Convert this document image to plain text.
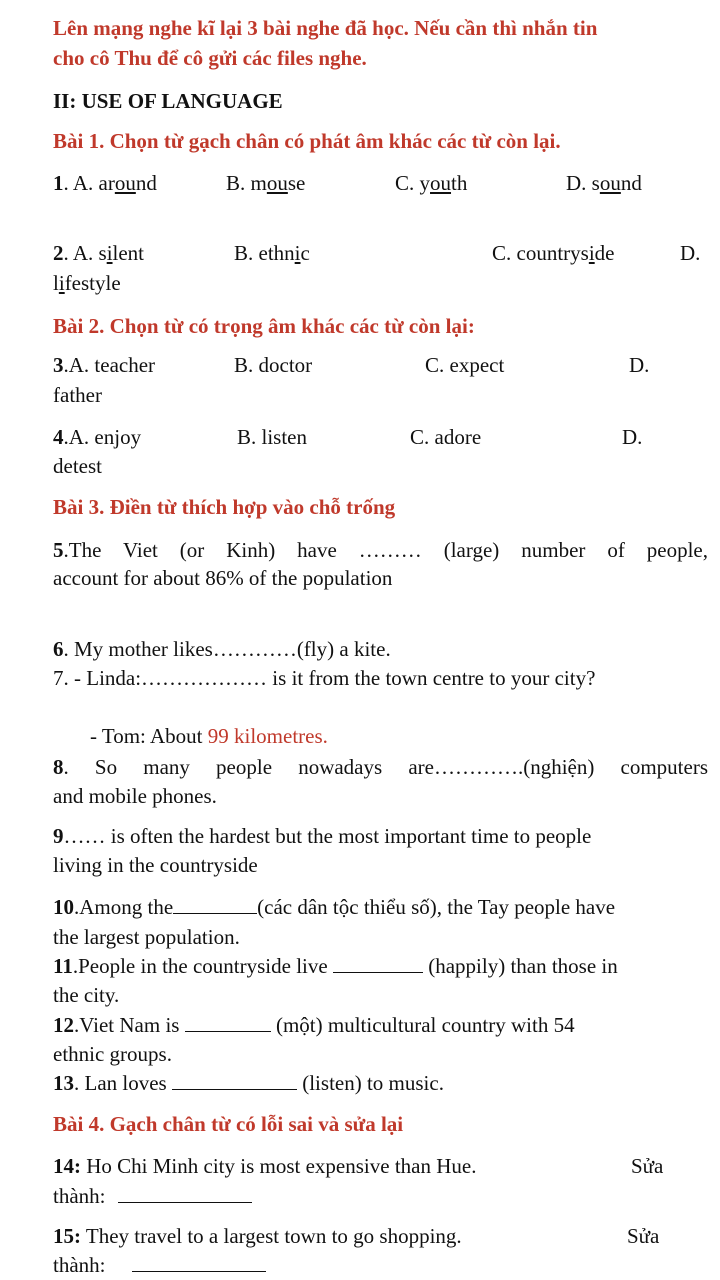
Lên mạng nghe kĩ lại 3 bài nghe đã học. Nếu cần thì nhắn tin
cho cô Thu để cô gửi các files nghe.
II: USE OF LANGUAGE
Bài 1. Chọn từ gạch chân có phát âm khác các từ còn lại.
1. A. around	B. mouse	C. youth	D. sound
2. A. silent	B. ethnic	C. countryside	D.
lifestyle
Bài 2. Chọn từ có trọng âm khác các từ còn lại:
3.A. teacher	B. doctor	C. expect	D.
father
4.A. enjoy	B. listen	C. adore	D.
detest
Bài 3. Điền từ thích hợp vào chỗ trống
5.The Viet (or Kinh) have ……… (large) number of people,
account for about 86% of the population
6. My mother likes…………(fly) a kite.
7. - Linda:……………… is it from the town centre to your city?
- Tom: About 99 kilometres.
8. So many people nowadays are………….(nghiện) computers
and mobile phones.
9…… is often the hardest but the most important time to people
living in the countryside
10.Among the	(các dân tộc thiểu số), the Tay people have
the largest population.
11.People in the countryside live	(happily) than those in
the city.
12.Viet Nam is	(một) multicultural country with 54
ethnic groups.
13. Lan loves	(listen) to music.
Bài 4. Gạch chân từ có lỗi sai và sửa lại
14: Ho Chi Minh city is most expensive than Hue.	Sửa
thành:
15: They travel to a largest town to go shopping.	Sửa
thành:
